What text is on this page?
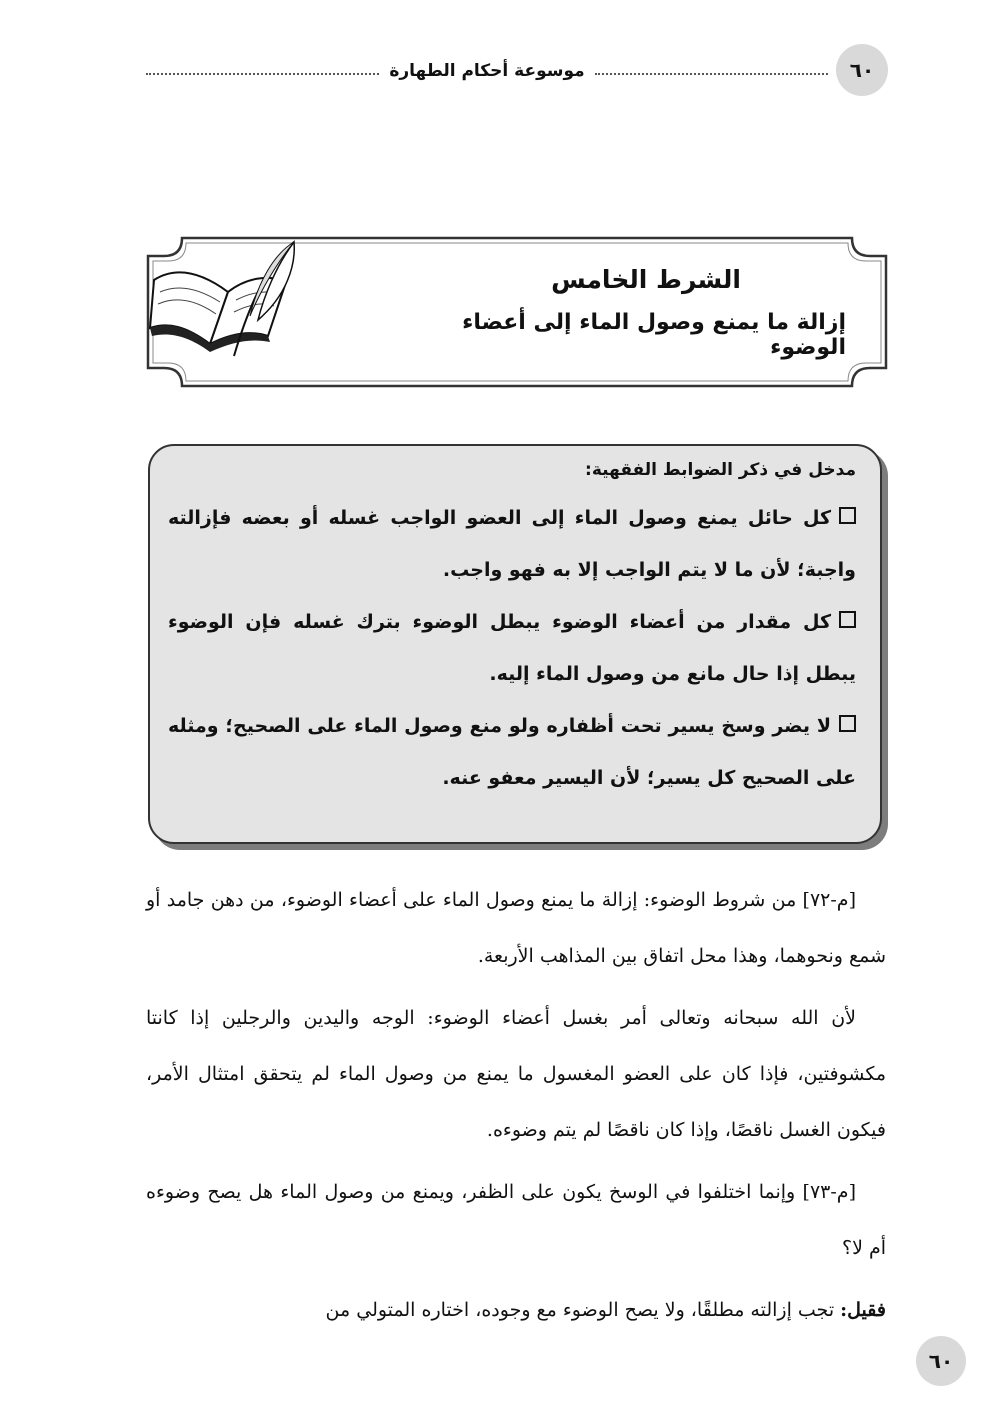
٦٠
موسوعة أحكام الطهارة
الشرط الخامس
إزالة ما يمنع وصول الماء إلى أعضاء الوضوء
مدخل في ذكر الضوابط الفقهية:
كل حائل يمنع وصول الماء إلى العضو الواجب غسله أو بعضه فإزالته واجبة؛ لأن ما لا يتم الواجب إلا به فهو واجب.
كل مقدار من أعضاء الوضوء يبطل الوضوء بترك غسله فإن الوضوء يبطل إذا حال مانع من وصول الماء إليه.
لا يضر وسخ يسير تحت أظفاره ولو منع وصول الماء على الصحيح؛ ومثله على الصحيح كل يسير؛ لأن اليسير معفو عنه.

[م-٧٢] من شروط الوضوء: إزالة ما يمنع وصول الماء على أعضاء الوضوء، من دهن جامد أو شمع ونحوهما، وهذا محل اتفاق بين المذاهب الأربعة.

لأن الله سبحانه وتعالى أمر بغسل أعضاء الوضوء: الوجه واليدين والرجلين إذا كانتا مكشوفتين، فإذا كان على العضو المغسول ما يمنع من وصول الماء لم يتحقق امتثال الأمر، فيكون الغسل ناقصًا، وإذا كان ناقصًا لم يتم وضوءه.

[م-٧٣] وإنما اختلفوا في الوسخ يكون على الظفر، ويمنع من وصول الماء هل يصح وضوءه أم لا؟

فقيل: تجب إزالته مطلقًا، ولا يصح الوضوء مع وجوده، اختاره المتولي من

٦٠
